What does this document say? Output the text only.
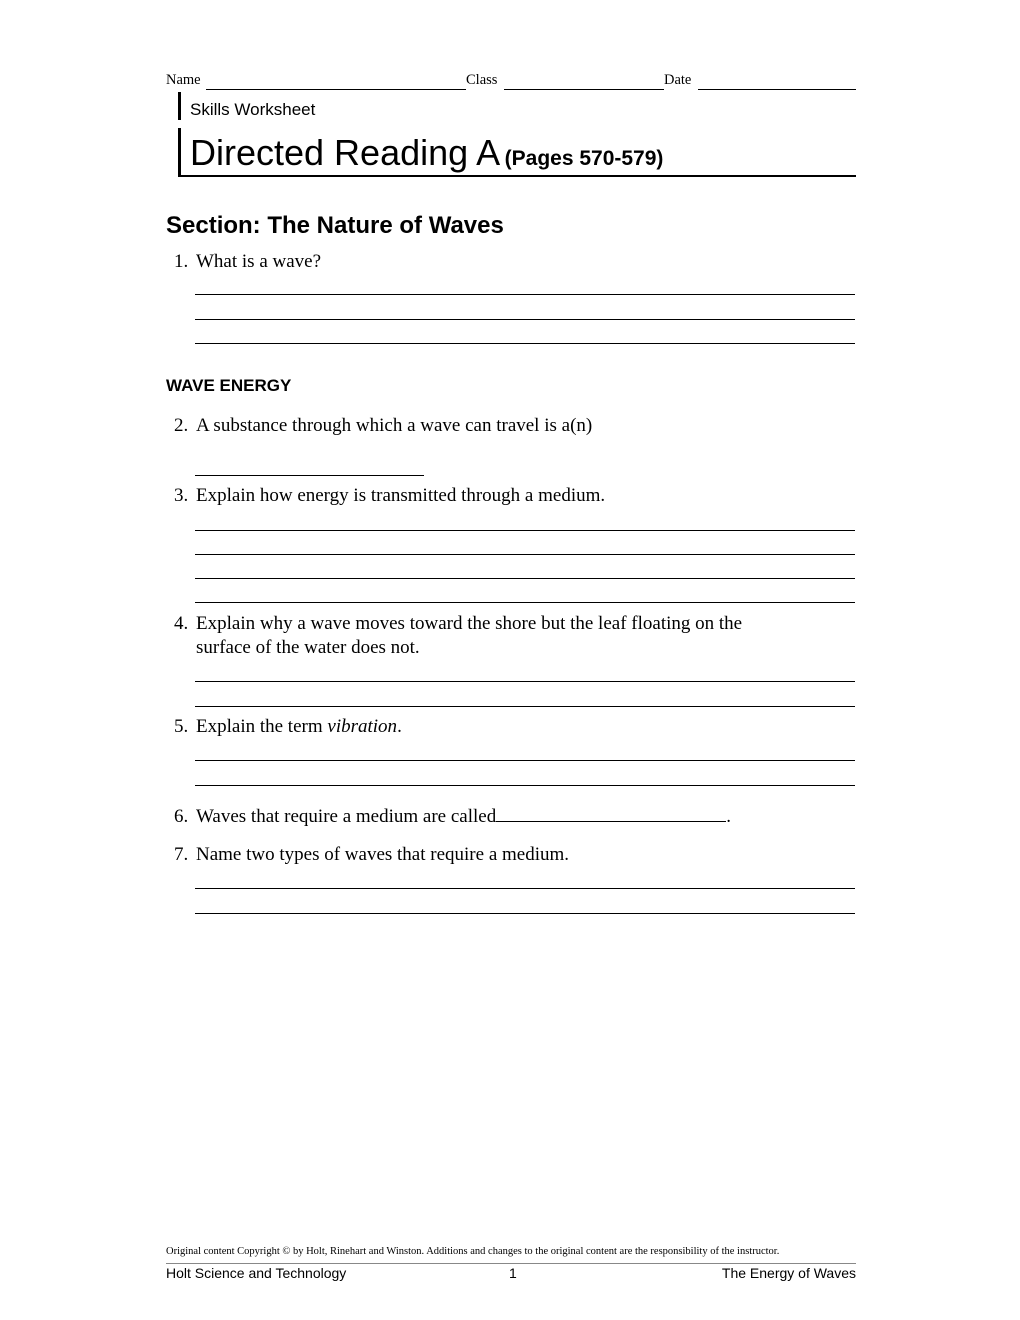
Name	Class	Date
Skills Worksheet
Directed Reading A (Pages 570-579)
Section: The Nature of Waves
1. What is a wave?
WAVE ENERGY
2. A substance through which a wave can travel is a(n)
3. Explain how energy is transmitted through a medium.
4. Explain why a wave moves toward the shore but the leaf floating on the
surface of the water does not.
5. Explain the term vibration.
6. Waves that require a medium are called	.
7. Name two types of waves that require a medium.
Original content Copyright © by Holt, Rinehart and Winston. Additions and changes to the original content are the responsibility of the instructor.
Holt Science and Technology	1	The Energy of Waves
